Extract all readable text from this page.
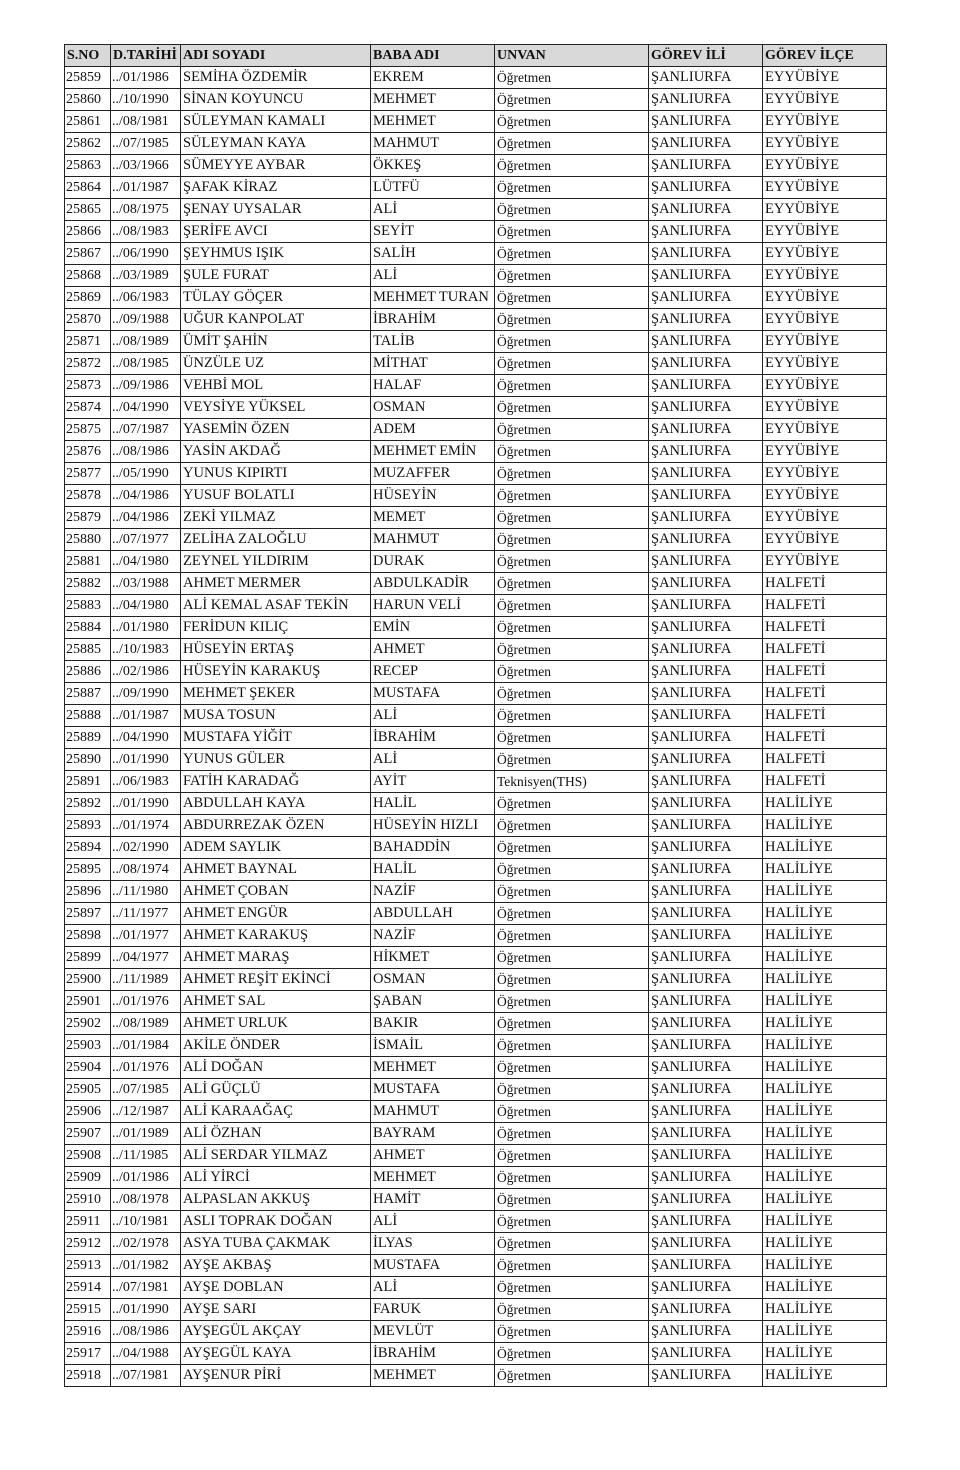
S.NO	D.TARİHİ	ADI SOYADI	BABA ADI	UNVAN	GÖREV İLİ	GÖREV İLÇE
25859	../01/1986	SEMİHA ÖZDEMİR	EKREM	Öğretmen	ŞANLIURFA	EYYÜBİYE
25860	../10/1990	SİNAN KOYUNCU	MEHMET	Öğretmen	ŞANLIURFA	EYYÜBİYE
25861	../08/1981	SÜLEYMAN KAMALI	MEHMET	Öğretmen	ŞANLIURFA	EYYÜBİYE
25862	../07/1985	SÜLEYMAN KAYA	MAHMUT	Öğretmen	ŞANLIURFA	EYYÜBİYE
25863	../03/1966	SÜMEYYE AYBAR	ÖKKEŞ	Öğretmen	ŞANLIURFA	EYYÜBİYE
25864	../01/1987	ŞAFAK KİRAZ	LÜTFÜ	Öğretmen	ŞANLIURFA	EYYÜBİYE
25865	../08/1975	ŞENAY UYSALAR	ALİ	Öğretmen	ŞANLIURFA	EYYÜBİYE
25866	../08/1983	ŞERİFE AVCI	SEYİT	Öğretmen	ŞANLIURFA	EYYÜBİYE
25867	../06/1990	ŞEYHMUS IŞIK	SALİH	Öğretmen	ŞANLIURFA	EYYÜBİYE
25868	../03/1989	ŞULE FURAT	ALİ	Öğretmen	ŞANLIURFA	EYYÜBİYE
25869	../06/1983	TÜLAY GÖÇER	MEHMET TURAN	Öğretmen	ŞANLIURFA	EYYÜBİYE
25870	../09/1988	UĞUR KANPOLAT	İBRAHİM	Öğretmen	ŞANLIURFA	EYYÜBİYE
25871	../08/1989	ÜMİT ŞAHİN	TALİB	Öğretmen	ŞANLIURFA	EYYÜBİYE
25872	../08/1985	ÜNZÜLE UZ	MİTHAT	Öğretmen	ŞANLIURFA	EYYÜBİYE
25873	../09/1986	VEHBİ MOL	HALAF	Öğretmen	ŞANLIURFA	EYYÜBİYE
25874	../04/1990	VEYSİYE YÜKSEL	OSMAN	Öğretmen	ŞANLIURFA	EYYÜBİYE
25875	../07/1987	YASEMİN ÖZEN	ADEM	Öğretmen	ŞANLIURFA	EYYÜBİYE
25876	../08/1986	YASİN AKDAĞ	MEHMET EMİN	Öğretmen	ŞANLIURFA	EYYÜBİYE
25877	../05/1990	YUNUS KIPIRTI	MUZAFFER	Öğretmen	ŞANLIURFA	EYYÜBİYE
25878	../04/1986	YUSUF BOLATLI	HÜSEYİN	Öğretmen	ŞANLIURFA	EYYÜBİYE
25879	../04/1986	ZEKİ YILMAZ	MEMET	Öğretmen	ŞANLIURFA	EYYÜBİYE
25880	../07/1977	ZELİHA ZALOĞLU	MAHMUT	Öğretmen	ŞANLIURFA	EYYÜBİYE
25881	../04/1980	ZEYNEL YILDIRIM	DURAK	Öğretmen	ŞANLIURFA	EYYÜBİYE
25882	../03/1988	AHMET MERMER	ABDULKADİR	Öğretmen	ŞANLIURFA	HALFETİ
25883	../04/1980	ALİ KEMAL ASAF TEKİN	HARUN VELİ	Öğretmen	ŞANLIURFA	HALFETİ
25884	../01/1980	FERİDUN KILIÇ	EMİN	Öğretmen	ŞANLIURFA	HALFETİ
25885	../10/1983	HÜSEYİN ERTAŞ	AHMET	Öğretmen	ŞANLIURFA	HALFETİ
25886	../02/1986	HÜSEYİN KARAKUŞ	RECEP	Öğretmen	ŞANLIURFA	HALFETİ
25887	../09/1990	MEHMET ŞEKER	MUSTAFA	Öğretmen	ŞANLIURFA	HALFETİ
25888	../01/1987	MUSA TOSUN	ALİ	Öğretmen	ŞANLIURFA	HALFETİ
25889	../04/1990	MUSTAFA YİĞİT	İBRAHİM	Öğretmen	ŞANLIURFA	HALFETİ
25890	../01/1990	YUNUS GÜLER	ALİ	Öğretmen	ŞANLIURFA	HALFETİ
25891	../06/1983	FATİH KARADAĞ	AYİT	Teknisyen(THS)	ŞANLIURFA	HALFETİ
25892	../01/1990	ABDULLAH KAYA	HALİL	Öğretmen	ŞANLIURFA	HALİLİYE
25893	../01/1974	ABDURREZAK ÖZEN	HÜSEYİN HIZLI	Öğretmen	ŞANLIURFA	HALİLİYE
25894	../02/1990	ADEM SAYLIK	BAHADDİN	Öğretmen	ŞANLIURFA	HALİLİYE
25895	../08/1974	AHMET BAYNAL	HALİL	Öğretmen	ŞANLIURFA	HALİLİYE
25896	../11/1980	AHMET ÇOBAN	NAZİF	Öğretmen	ŞANLIURFA	HALİLİYE
25897	../11/1977	AHMET ENGÜR	ABDULLAH	Öğretmen	ŞANLIURFA	HALİLİYE
25898	../01/1977	AHMET KARAKUŞ	NAZİF	Öğretmen	ŞANLIURFA	HALİLİYE
25899	../04/1977	AHMET MARAŞ	HİKMET	Öğretmen	ŞANLIURFA	HALİLİYE
25900	../11/1989	AHMET REŞİT EKİNCİ	OSMAN	Öğretmen	ŞANLIURFA	HALİLİYE
25901	../01/1976	AHMET SAL	ŞABAN	Öğretmen	ŞANLIURFA	HALİLİYE
25902	../08/1989	AHMET URLUK	BAKIR	Öğretmen	ŞANLIURFA	HALİLİYE
25903	../01/1984	AKİLE ÖNDER	İSMAİL	Öğretmen	ŞANLIURFA	HALİLİYE
25904	../01/1976	ALİ DOĞAN	MEHMET	Öğretmen	ŞANLIURFA	HALİLİYE
25905	../07/1985	ALİ GÜÇLÜ	MUSTAFA	Öğretmen	ŞANLIURFA	HALİLİYE
25906	../12/1987	ALİ KARAAĞAÇ	MAHMUT	Öğretmen	ŞANLIURFA	HALİLİYE
25907	../01/1989	ALİ ÖZHAN	BAYRAM	Öğretmen	ŞANLIURFA	HALİLİYE
25908	../11/1985	ALİ SERDAR YILMAZ	AHMET	Öğretmen	ŞANLIURFA	HALİLİYE
25909	../01/1986	ALİ YİRCİ	MEHMET	Öğretmen	ŞANLIURFA	HALİLİYE
25910	../08/1978	ALPASLAN AKKUŞ	HAMİT	Öğretmen	ŞANLIURFA	HALİLİYE
25911	../10/1981	ASLI TOPRAK DOĞAN	ALİ	Öğretmen	ŞANLIURFA	HALİLİYE
25912	../02/1978	ASYA TUBA ÇAKMAK	İLYAS	Öğretmen	ŞANLIURFA	HALİLİYE
25913	../01/1982	AYŞE AKBAŞ	MUSTAFA	Öğretmen	ŞANLIURFA	HALİLİYE
25914	../07/1981	AYŞE DOBLAN	ALİ	Öğretmen	ŞANLIURFA	HALİLİYE
25915	../01/1990	AYŞE SARI	FARUK	Öğretmen	ŞANLIURFA	HALİLİYE
25916	../08/1986	AYŞEGÜL AKÇAY	MEVLÜT	Öğretmen	ŞANLIURFA	HALİLİYE
25917	../04/1988	AYŞEGÜL KAYA	İBRAHİM	Öğretmen	ŞANLIURFA	HALİLİYE
25918	../07/1981	AYŞENUR PİRİ	MEHMET	Öğretmen	ŞANLIURFA	HALİLİYE
